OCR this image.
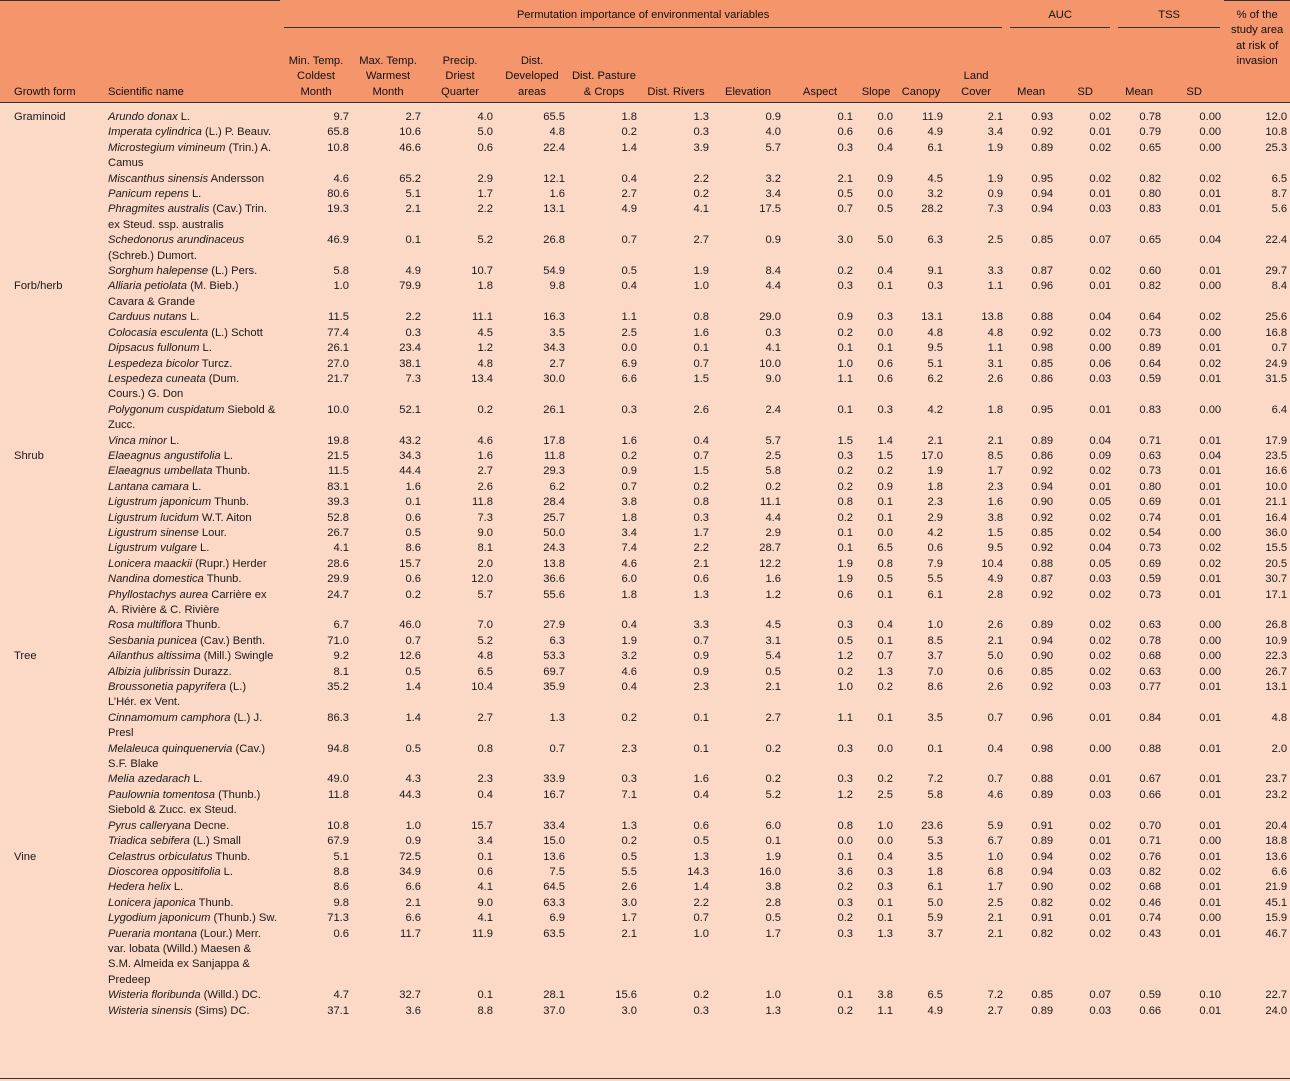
		Permutation importance of environmental variables											AUC		TSS		% of the study area at risk of invasion
Growth form	Scientific name	Min. Temp. Coldest Month	Max. Temp. Warmest Month	Precip. Driest Quarter	Dist. Developed areas	Dist. Pasture & Crops	Dist. Rivers	Elevation	Aspect	Slope	Canopy	Land Cover	Mean	SD	Mean	SD	
Graminoid	Arundo donax L.	9.7	2.7	4.0	65.5	1.8	1.3	0.9	0.1	0.0	11.9	2.1	0.93	0.02	0.78	0.00	12.0
	Imperata cylindrica (L.) P. Beauv.	65.8	10.6	5.0	4.8	0.2	0.3	4.0	0.6	0.6	4.9	3.4	0.92	0.01	0.79	0.00	10.8
	Microstegium vimineum (Trin.) A. Camus	10.8	46.6	0.6	22.4	1.4	3.9	5.7	0.3	0.4	6.1	1.9	0.89	0.02	0.65	0.00	25.3
	Miscanthus sinensis Andersson	4.6	65.2	2.9	12.1	0.4	2.2	3.2	2.1	0.9	4.5	1.9	0.95	0.02	0.82	0.02	6.5
	Panicum repens L.	80.6	5.1	1.7	1.6	2.7	0.2	3.4	0.5	0.0	3.2	0.9	0.94	0.01	0.80	0.01	8.7
	Phragmites australis (Cav.) Trin. ex Steud. ssp. australis	19.3	2.1	2.2	13.1	4.9	4.1	17.5	0.7	0.5	28.2	7.3	0.94	0.03	0.83	0.01	5.6
	Schedonorus arundinaceus (Schreb.) Dumort.	46.9	0.1	5.2	26.8	0.7	2.7	0.9	3.0	5.0	6.3	2.5	0.85	0.07	0.65	0.04	22.4
	Sorghum halepense (L.) Pers.	5.8	4.9	10.7	54.9	0.5	1.9	8.4	0.2	0.4	9.1	3.3	0.87	0.02	0.60	0.01	29.7
Forb/herb	Alliaria petiolata (M. Bieb.) Cavara & Grande	1.0	79.9	1.8	9.8	0.4	1.0	4.4	0.3	0.1	0.3	1.1	0.96	0.01	0.82	0.00	8.4
	Carduus nutans L.	11.5	2.2	11.1	16.3	1.1	0.8	29.0	0.9	0.3	13.1	13.8	0.88	0.04	0.64	0.02	25.6
	Colocasia esculenta (L.) Schott	77.4	0.3	4.5	3.5	2.5	1.6	0.3	0.2	0.0	4.8	4.8	0.92	0.02	0.73	0.00	16.8
	Dipsacus fullonum L.	26.1	23.4	1.2	34.3	0.0	0.1	4.1	0.1	0.1	9.5	1.1	0.98	0.00	0.89	0.01	0.7
	Lespedeza bicolor Turcz.	27.0	38.1	4.8	2.7	6.9	0.7	10.0	1.0	0.6	5.1	3.1	0.85	0.06	0.64	0.02	24.9
	Lespedeza cuneata (Dum. Cours.) G. Don	21.7	7.3	13.4	30.0	6.6	1.5	9.0	1.1	0.6	6.2	2.6	0.86	0.03	0.59	0.01	31.5
	Polygonum cuspidatum Siebold & Zucc.	10.0	52.1	0.2	26.1	0.3	2.6	2.4	0.1	0.3	4.2	1.8	0.95	0.01	0.83	0.00	6.4
	Vinca minor L.	19.8	43.2	4.6	17.8	1.6	0.4	5.7	1.5	1.4	2.1	2.1	0.89	0.04	0.71	0.01	17.9
Shrub	Elaeagnus angustifolia L.	21.5	34.3	1.6	11.8	0.2	0.7	2.5	0.3	1.5	17.0	8.5	0.86	0.09	0.63	0.04	23.5
	Elaeagnus umbellata Thunb.	11.5	44.4	2.7	29.3	0.9	1.5	5.8	0.2	0.2	1.9	1.7	0.92	0.02	0.73	0.01	16.6
	Lantana camara L.	83.1	1.6	2.6	6.2	0.7	0.2	0.2	0.2	0.9	1.8	2.3	0.94	0.01	0.80	0.01	10.0
	Ligustrum japonicum Thunb.	39.3	0.1	11.8	28.4	3.8	0.8	11.1	0.8	0.1	2.3	1.6	0.90	0.05	0.69	0.01	21.1
	Ligustrum lucidum W.T. Aiton	52.8	0.6	7.3	25.7	1.8	0.3	4.4	0.2	0.1	2.9	3.8	0.92	0.02	0.74	0.01	16.4
	Ligustrum sinense Lour.	26.7	0.5	9.0	50.0	3.4	1.7	2.9	0.1	0.0	4.2	1.5	0.85	0.02	0.54	0.00	36.0
	Ligustrum vulgare L.	4.1	8.6	8.1	24.3	7.4	2.2	28.7	0.1	6.5	0.6	9.5	0.92	0.04	0.73	0.02	15.5
	Lonicera maackii (Rupr.) Herder	28.6	15.7	2.0	13.8	4.6	2.1	12.2	1.9	0.8	7.9	10.4	0.88	0.05	0.69	0.02	20.5
	Nandina domestica Thunb.	29.9	0.6	12.0	36.6	6.0	0.6	1.6	1.9	0.5	5.5	4.9	0.87	0.03	0.59	0.01	30.7
	Phyllostachys aurea Carrière ex A. Rivière & C. Rivière	24.7	0.2	5.7	55.6	1.8	1.3	1.2	0.6	0.1	6.1	2.8	0.92	0.02	0.73	0.01	17.1
	Rosa multiflora Thunb.	6.7	46.0	7.0	27.9	0.4	3.3	4.5	0.3	0.4	1.0	2.6	0.89	0.02	0.63	0.00	26.8
	Sesbania punicea (Cav.) Benth.	71.0	0.7	5.2	6.3	1.9	0.7	3.1	0.5	0.1	8.5	2.1	0.94	0.02	0.78	0.00	10.9
Tree	Ailanthus altissima (Mill.) Swingle	9.2	12.6	4.8	53.3	3.2	0.9	5.4	1.2	0.7	3.7	5.0	0.90	0.02	0.68	0.00	22.3
	Albizia julibrissin Durazz.	8.1	0.5	6.5	69.7	4.6	0.9	0.5	0.2	1.3	7.0	0.6	0.85	0.02	0.63	0.00	26.7
	Broussonetia papyrifera (L.) L’Hér. ex Vent.	35.2	1.4	10.4	35.9	0.4	2.3	2.1	1.0	0.2	8.6	2.6	0.92	0.03	0.77	0.01	13.1
	Cinnamomum camphora (L.) J. Presl	86.3	1.4	2.7	1.3	0.2	0.1	2.7	1.1	0.1	3.5	0.7	0.96	0.01	0.84	0.01	4.8
	Melaleuca quinquenervia (Cav.) S.F. Blake	94.8	0.5	0.8	0.7	2.3	0.1	0.2	0.3	0.0	0.1	0.4	0.98	0.00	0.88	0.01	2.0
	Melia azedarach L.	49.0	4.3	2.3	33.9	0.3	1.6	0.2	0.3	0.2	7.2	0.7	0.88	0.01	0.67	0.01	23.7
	Paulownia tomentosa (Thunb.) Siebold & Zucc. ex Steud.	11.8	44.3	0.4	16.7	7.1	0.4	5.2	1.2	2.5	5.8	4.6	0.89	0.03	0.66	0.01	23.2
	Pyrus calleryana Decne.	10.8	1.0	15.7	33.4	1.3	0.6	6.0	0.8	1.0	23.6	5.9	0.91	0.02	0.70	0.01	20.4
	Triadica sebifera (L.) Small	67.9	0.9	3.4	15.0	0.2	0.5	0.1	0.0	0.0	5.3	6.7	0.89	0.01	0.71	0.00	18.8
Vine	Celastrus orbiculatus Thunb.	5.1	72.5	0.1	13.6	0.5	1.3	1.9	0.1	0.4	3.5	1.0	0.94	0.02	0.76	0.01	13.6
	Dioscorea oppositifolia L.	8.8	34.9	0.6	7.5	5.5	14.3	16.0	3.6	0.3	1.8	6.8	0.94	0.03	0.82	0.02	6.6
	Hedera helix L.	8.6	6.6	4.1	64.5	2.6	1.4	3.8	0.2	0.3	6.1	1.7	0.90	0.02	0.68	0.01	21.9
	Lonicera japonica Thunb.	9.8	2.1	9.0	63.3	3.0	2.2	2.8	0.3	0.1	5.0	2.5	0.82	0.02	0.46	0.01	45.1
	Lygodium japonicum (Thunb.) Sw.	71.3	6.6	4.1	6.9	1.7	0.7	0.5	0.2	0.1	5.9	2.1	0.91	0.01	0.74	0.00	15.9
	Pueraria montana (Lour.) Merr. var. lobata (Willd.) Maesen & S.M. Almeida ex Sanjappa & Predeep	0.6	11.7	11.9	63.5	2.1	1.0	1.7	0.3	1.3	3.7	2.1	0.82	0.02	0.43	0.01	46.7
	Wisteria floribunda (Willd.) DC.	4.7	32.7	0.1	28.1	15.6	0.2	1.0	0.1	3.8	6.5	7.2	0.85	0.07	0.59	0.10	22.7
	Wisteria sinensis (Sims) DC.	37.1	3.6	8.8	37.0	3.0	0.3	1.3	0.2	1.1	4.9	2.7	0.89	0.03	0.66	0.01	24.0
